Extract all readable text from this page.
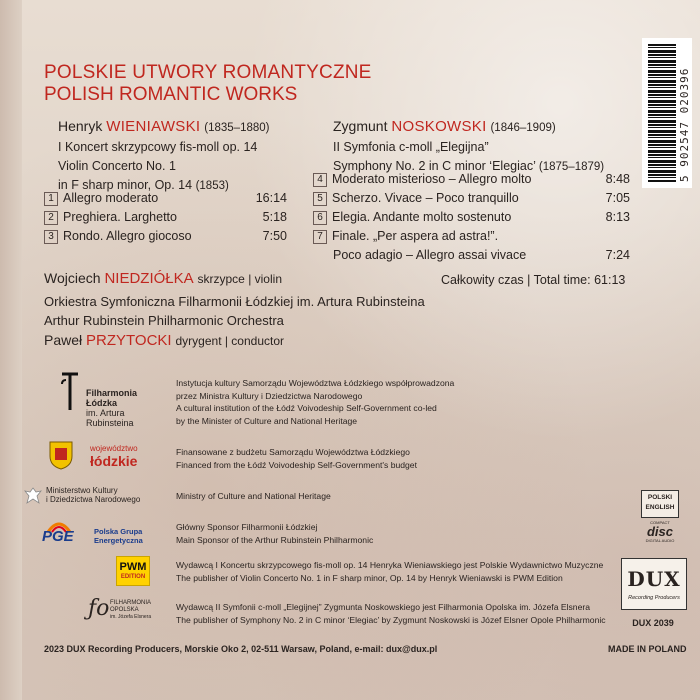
POLSKIE UTWORY ROMANTYCZNE
POLISH ROMANTIC WORKS
Henryk WIENIAWSKI (1835–1880)
I Koncert skrzypcowy fis-moll op. 14
Violin Concerto No. 1
in F sharp minor, Op. 14 (1853)
1 Allegro moderato	16:14
2 Preghiera. Larghetto	5:18
3 Rondo. Allegro giocoso	7:50
Zygmunt NOSKOWSKI (1846–1909)
II Symfonia c-moll „Elegijna”
Symphony No. 2 in C minor ‘Elegiac’ (1875–1879)
4 Moderato misterioso – Allegro molto	8:48
5 Scherzo. Vivace – Poco tranquillo	7:05
6 Elegia. Andante molto sostenuto	8:13
7 Finale. „Per aspera ad astra!”.
Poco adagio – Allegro assai vivace	7:24
Całkowity czas | Total time: 61:13
Wojciech NIEDZIÓŁKA skrzypce | violin
Orkiestra Symfoniczna Filharmonii Łódzkiej im. Artura Rubinsteina
Arthur Rubinstein Philharmonic Orchestra
Paweł PRZYTOCKI dyrygent | conductor
5 902547 020396
Filharmonia
Łódzka
im. Artura
Rubinsteina
Instytucja kultury Samorządu Województwa Łódzkiego współprowadzona
przez Ministra Kultury i Dziedzictwa Narodowego
A cultural institution of the Łódź Voivodeship Self-Government co-led
by the Minister of Culture and National Heritage
województwo
łódzkie
Finansowane z budżetu Samorządu Województwa Łódzkiego
Financed from the Łódź Voivodeship Self-Government's budget
Ministerstwo Kultury
i Dziedzictwa Narodowego	Ministry of Culture and National Heritage
PGE	Polska Grupa
Energetyczna
Główny Sponsor Filharmonii Łódzkiej
Main Sponsor of the Arthur Rubinstein Philharmonic
PWM
EDITION
Wydawcą I Koncertu skrzypcowego fis-moll op. 14 Henryka Wieniawskiego jest Polskie Wydawnictwo Muzyczne
The publisher of Violin Concerto No. 1 in F sharp minor, Op. 14 by Henryk Wieniawski is PWM Edition
ƒo FILHARMONIA
OPOLSKA
im. Józefa Elsnera
Wydawcą II Symfonii c-moll „Elegijnej” Zygmunta Noskowskiego jest Filharmonia Opolska im. Józefa Elsnera
The publisher of Symphony No. 2 in C minor ‘Elegiac’ by Zygmunt Noskowski is Józef Elsner Opole Philharmonic
POLSKI
ENGLISH
COMPACT
disc
DIGITAL AUDIO
DUX
Recording Producers
DUX 2039
2023 DUX Recording Producers, Morskie Oko 2, 02-511 Warsaw, Poland, e-mail: dux@dux.pl	MADE IN POLAND
